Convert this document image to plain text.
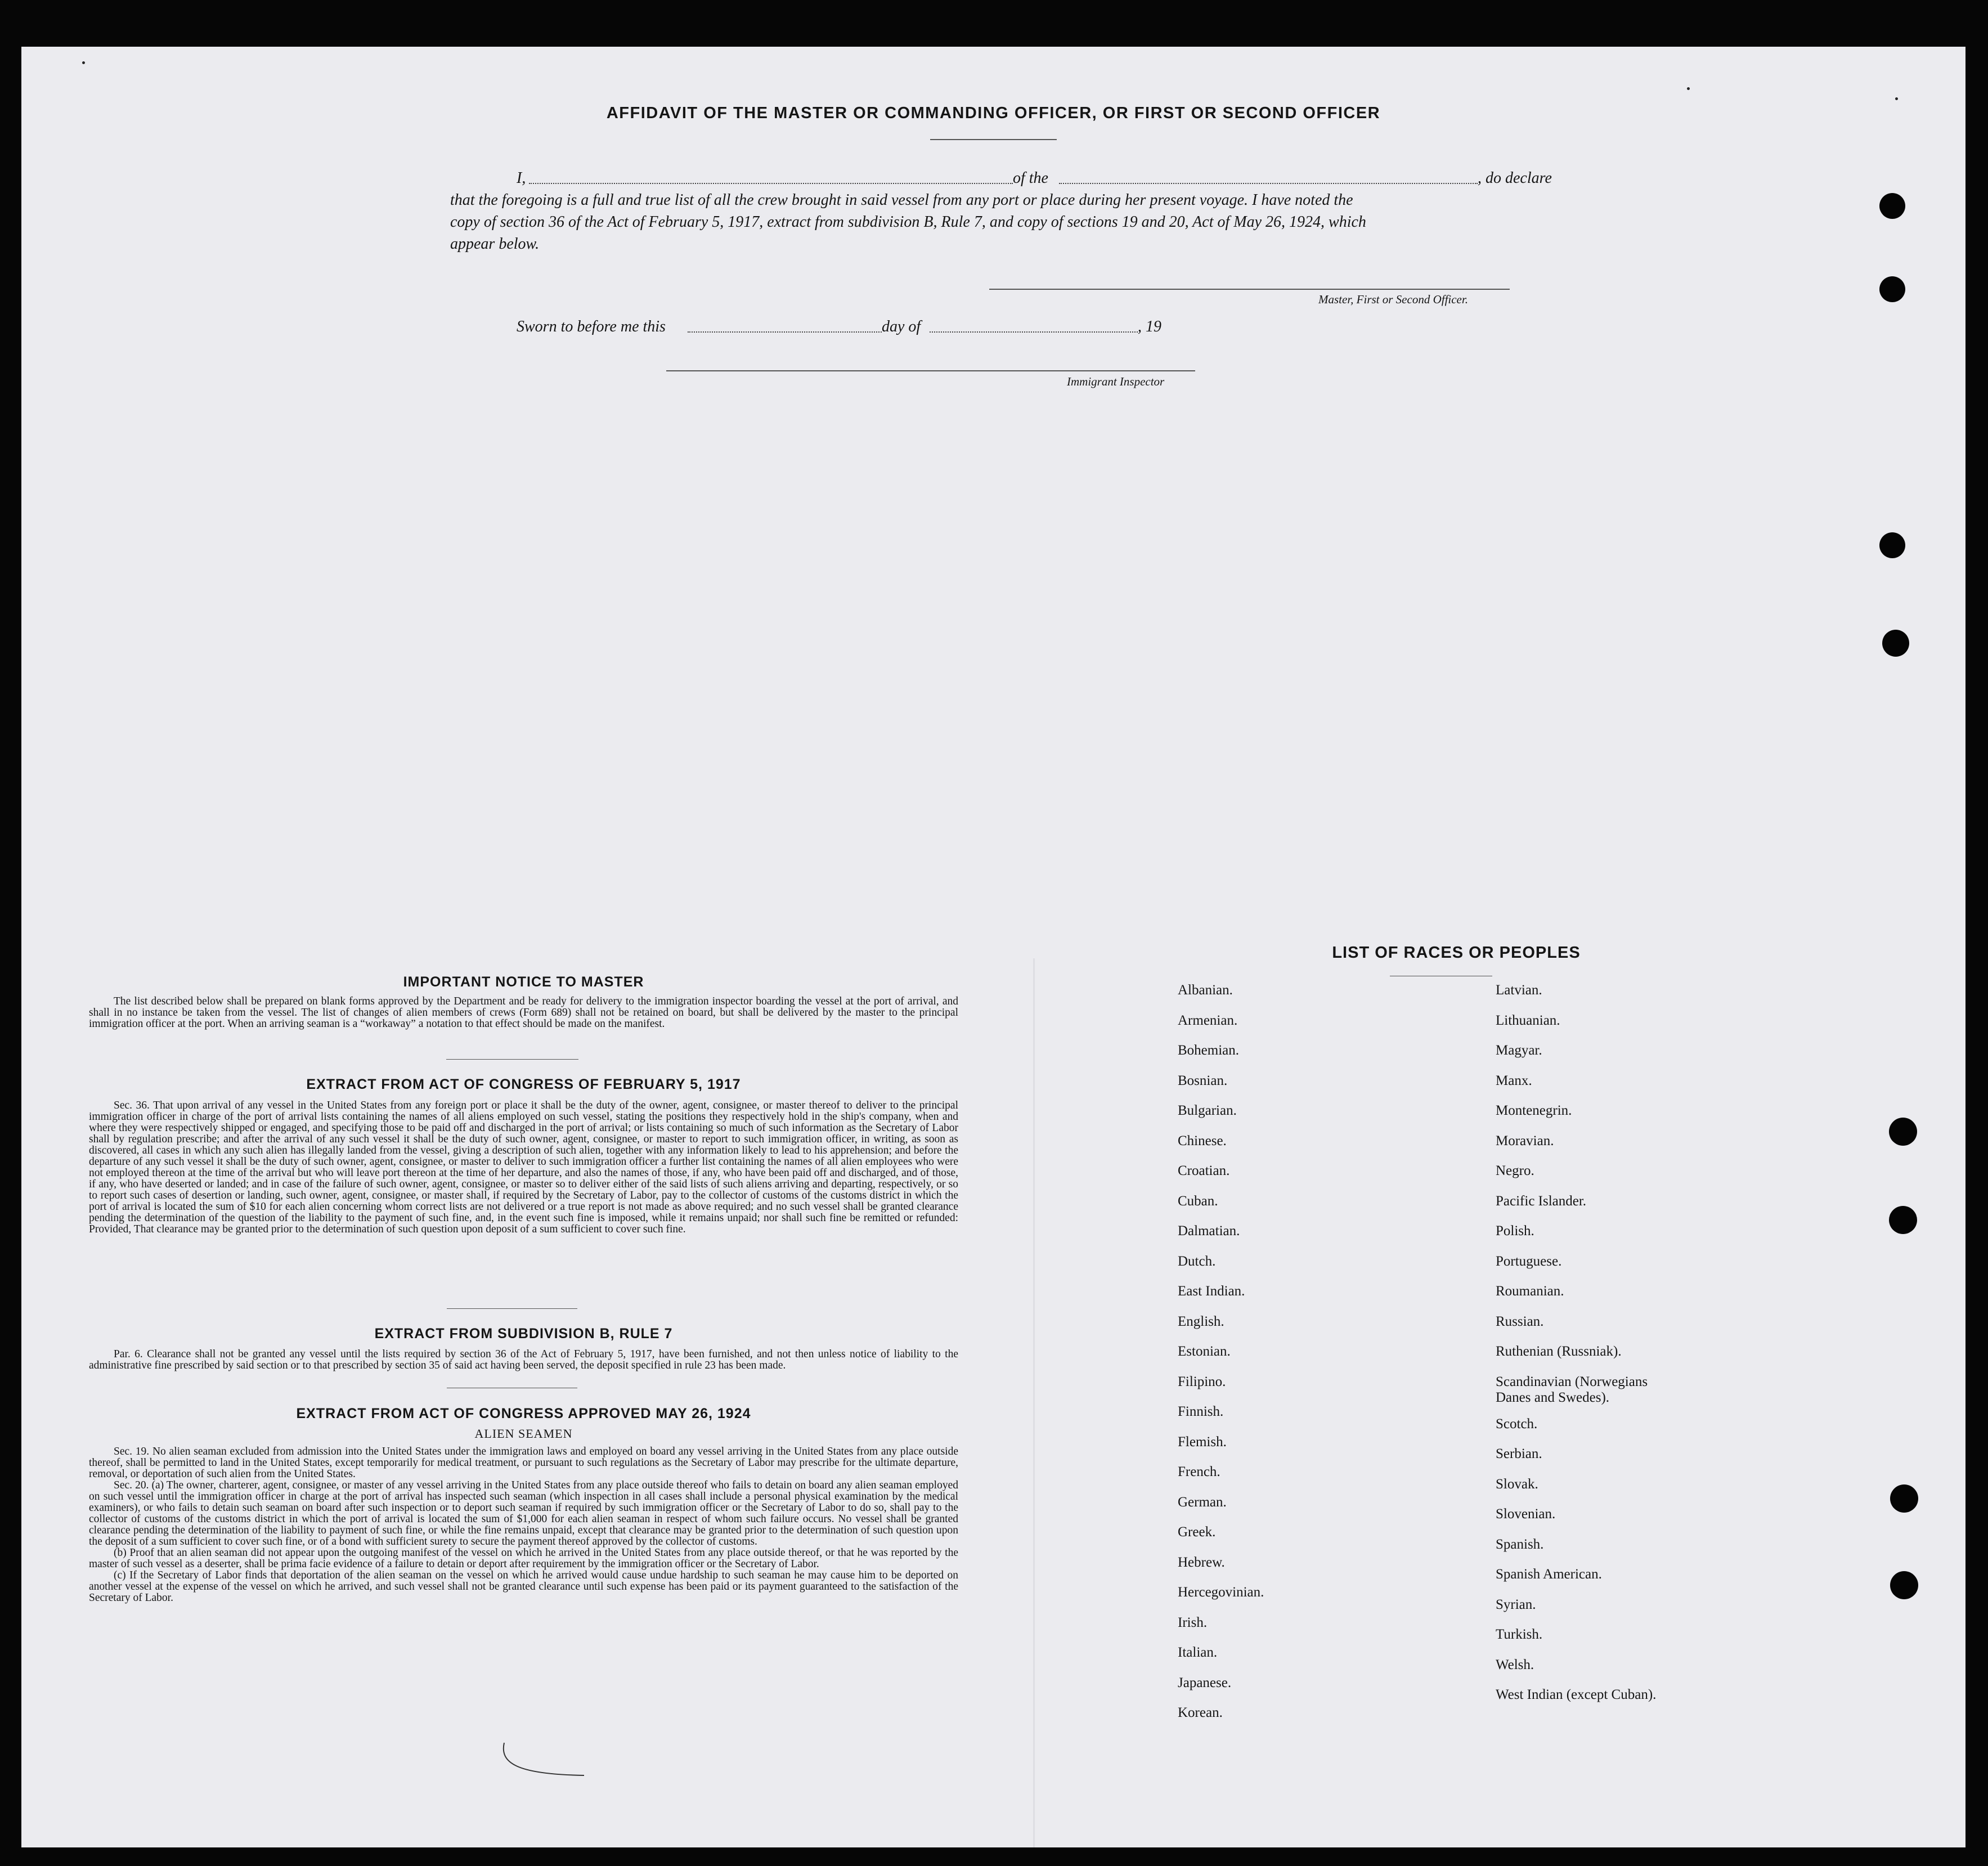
AFFIDAVIT OF THE MASTER OR COMMANDING OFFICER, OR FIRST OR SECOND OFFICER
I,	of the	, do declare
that the foregoing is a full and true list of all the crew brought in said vessel from any port or place during her present voyage. I have noted the
copy of section 36 of the Act of February 5, 1917, extract from subdivision B, Rule 7, and copy of sections 19 and 20, Act of May 26, 1924, which
appear below.
Master, First or Second Officer.
Sworn to before me this	day of	, 19
Immigrant Inspector
IMPORTANT NOTICE TO MASTER

The list described below shall be prepared on blank forms approved by the Department and be ready for delivery to the immigration inspector boarding the vessel at the port of arrival, and shall in no instance be taken from the vessel. The list of changes of alien members of crews (Form 689) shall not be retained on board, but shall be delivered by the master to the principal immigration officer at the port. When an arriving seaman is a “workaway” a notation to that effect should be made on the manifest.

EXTRACT FROM ACT OF CONGRESS OF FEBRUARY 5, 1917

Sec. 36. That upon arrival of any vessel in the United States from any foreign port or place it shall be the duty of the owner, agent, consignee, or master thereof to deliver to the principal immigration officer in charge of the port of arrival lists containing the names of all aliens employed on such vessel, stating the positions they respectively hold in the ship's company, when and where they were respectively shipped or engaged, and specifying those to be paid off and discharged in the port of arrival; or lists containing so much of such information as the Secretary of Labor shall by regulation prescribe; and after the arrival of any such vessel it shall be the duty of such owner, agent, consignee, or master to report to such immigration officer, in writing, as soon as discovered, all cases in which any such alien has illegally landed from the vessel, giving a description of such alien, together with any information likely to lead to his apprehension; and before the departure of any such vessel it shall be the duty of such owner, agent, consignee, or master to deliver to such immigration officer a further list containing the names of all alien employees who were not employed thereon at the time of the arrival but who will leave port thereon at the time of her departure, and also the names of those, if any, who have been paid off and discharged, and of those, if any, who have deserted or landed; and in case of the failure of such owner, agent, consignee, or master so to deliver either of the said lists of such aliens arriving and departing, respectively, or so to report such cases of desertion or landing, such owner, agent, consignee, or master shall, if required by the Secretary of Labor, pay to the collector of customs of the customs district in which the port of arrival is located the sum of $10 for each alien concerning whom correct lists are not delivered or a true report is not made as above required; and no such vessel shall be granted clearance pending the determination of the question of the liability to the payment of such fine, and, in the event such fine is imposed, while it remains unpaid; nor shall such fine be remitted or refunded: Provided, That clearance may be granted prior to the determination of such question upon deposit of a sum sufficient to cover such fine.

EXTRACT FROM SUBDIVISION B, RULE 7

Par. 6. Clearance shall not be granted any vessel until the lists required by section 36 of the Act of February 5, 1917, have been furnished, and not then unless notice of liability to the administrative fine prescribed by said section or to that prescribed by section 35 of said act having been served, the deposit specified in rule 23 has been made.

EXTRACT FROM ACT OF CONGRESS APPROVED MAY 26, 1924
ALIEN SEAMEN

Sec. 19. No alien seaman excluded from admission into the United States under the immigration laws and employed on board any vessel arriving in the United States from any place outside thereof, shall be permitted to land in the United States, except temporarily for medical treatment, or pursuant to such regulations as the Secretary of Labor may prescribe for the ultimate departure, removal, or deportation of such alien from the United States.

Sec. 20. (a) The owner, charterer, agent, consignee, or master of any vessel arriving in the United States from any place outside thereof who fails to detain on board any alien seaman employed on such vessel until the immigration officer in charge at the port of arrival has inspected such seaman (which inspection in all cases shall include a personal physical examination by the medical examiners), or who fails to detain such seaman on board after such inspection or to deport such seaman if required by such immigration officer or the Secretary of Labor to do so, shall pay to the collector of customs of the customs district in which the port of arrival is located the sum of $1,000 for each alien seaman in respect of whom such failure occurs. No vessel shall be granted clearance pending the determination of the liability to payment of such fine, or while the fine remains unpaid, except that clearance may be granted prior to the determination of such question upon the deposit of a sum sufficient to cover such fine, or of a bond with sufficient surety to secure the payment thereof approved by the collector of customs.

(b) Proof that an alien seaman did not appear upon the outgoing manifest of the vessel on which he arrived in the United States from any place outside thereof, or that he was reported by the master of such vessel as a deserter, shall be prima facie evidence of a failure to detain or deport after requirement by the immigration officer or the Secretary of Labor.

(c) If the Secretary of Labor finds that deportation of the alien seaman on the vessel on which he arrived would cause undue hardship to such seaman he may cause him to be deported on another vessel at the expense of the vessel on which he arrived, and such vessel shall not be granted clearance until such expense has been paid or its payment guaranteed to the satisfaction of the Secretary of Labor.

LIST OF RACES OR PEOPLES
Albanian.
Armenian.
Bohemian.
Bosnian.
Bulgarian.
Chinese.
Croatian.
Cuban.
Dalmatian.
Dutch.
East Indian.
English.
Estonian.
Filipino.
Finnish.
Flemish.
French.
German.
Greek.
Hebrew.
Hercegovinian.
Irish.
Italian.
Japanese.
Korean.
Latvian.
Lithuanian.
Magyar.
Manx.
Montenegrin.
Moravian.
Negro.
Pacific Islander.
Polish.
Portuguese.
Roumanian.
Russian.
Ruthenian (Russniak).
Scandinavian (Norwegians
Danes and Swedes).
Scotch.
Serbian.
Slovak.
Slovenian.
Spanish.
Spanish American.
Syrian.
Turkish.
Welsh.
West Indian (except Cuban).
